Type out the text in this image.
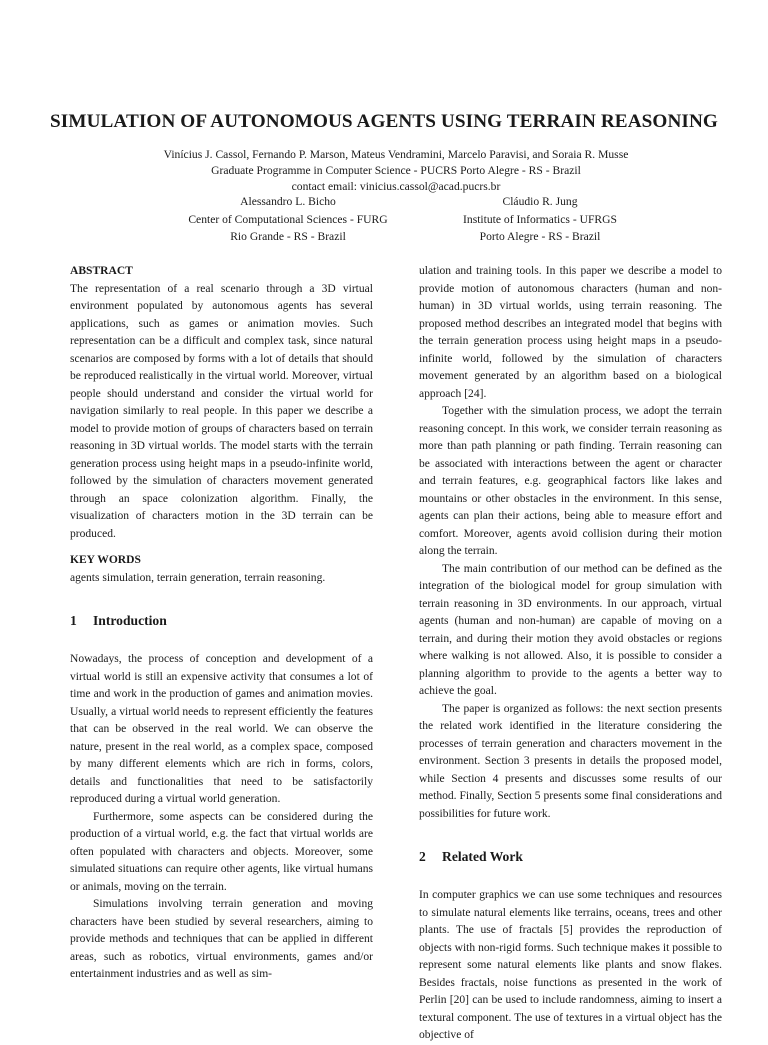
SIMULATION OF AUTONOMOUS AGENTS USING TERRAIN REASONING
Vinícius J. Cassol, Fernando P. Marson, Mateus Vendramini, Marcelo Paravisi, and Soraia R. Musse
Graduate Programme in Computer Science - PUCRS Porto Alegre - RS - Brazil
contact email: vinicius.cassol@acad.pucrs.br
Alessandro L. Bicho
Center of Computational Sciences - FURG
Rio Grande - RS - Brazil
Cláudio R. Jung
Institute of Informatics - UFRGS
Porto Alegre - RS - Brazil
ABSTRACT

The representation of a real scenario through a 3D virtual environment populated by autonomous agents has several applications, such as games or animation movies. Such representation can be a difficult and complex task, since natural scenarios are composed by forms with a lot of details that should be reproduced realistically in the virtual world. Moreover, virtual people should understand and consider the virtual world for navigation similarly to real people. In this paper we describe a model to provide motion of groups of characters based on terrain reasoning in 3D virtual worlds. The model starts with the terrain generation process using height maps in a pseudo-infinite world, followed by the simulation of characters movement generated through an space colonization algorithm. Finally, the visualization of characters motion in the 3D terrain can be produced.

KEY WORDS

agents simulation, terrain generation, terrain reasoning.

1 Introduction

Nowadays, the process of conception and development of a virtual world is still an expensive activity that consumes a lot of time and work in the production of games and animation movies. Usually, a virtual world needs to represent efficiently the features that can be observed in the real world. We can observe the nature, present in the real world, as a complex space, composed by many different elements which are rich in forms, colors, details and functionalities that need to be satisfactorily reproduced during a virtual world generation.

Furthermore, some aspects can be considered during the production of a virtual world, e.g. the fact that virtual worlds are often populated with characters and objects. Moreover, some simulated situations can require other agents, like virtual humans or animals, moving on the terrain.

Simulations involving terrain generation and moving characters have been studied by several researchers, aiming to provide methods and techniques that can be applied in different areas, such as robotics, virtual environments, games and/or entertainment industries and as well as sim-

ulation and training tools. In this paper we describe a model to provide motion of autonomous characters (human and non-human) in 3D virtual worlds, using terrain reasoning. The proposed method describes an integrated model that begins with the terrain generation process using height maps in a pseudo-infinite world, followed by the simulation of characters movement generated by an algorithm based on a biological approach [24].

Together with the simulation process, we adopt the terrain reasoning concept. In this work, we consider terrain reasoning as more than path planning or path finding. Terrain reasoning can be associated with interactions between the agent or character and terrain features, e.g. geographical factors like lakes and mountains or other obstacles in the environment. In this sense, agents can plan their actions, being able to measure effort and comfort. Moreover, agents avoid collision during their motion along the terrain.

The main contribution of our method can be defined as the integration of the biological model for group simulation with terrain reasoning in 3D environments. In our approach, virtual agents (human and non-human) are capable of moving on a terrain, and during their motion they avoid obstacles or regions where walking is not allowed. Also, it is possible to consider a planning algorithm to provide to the agents a better way to achieve the goal.

The paper is organized as follows: the next section presents the related work identified in the literature considering the processes of terrain generation and characters movement in the environment. Section 3 presents in details the proposed model, while Section 4 presents and discusses some results of our method. Finally, Section 5 presents some final considerations and possibilities for future work.

2 Related Work

In computer graphics we can use some techniques and resources to simulate natural elements like terrains, oceans, trees and other plants. The use of fractals [5] provides the reproduction of objects with non-rigid forms. Such technique makes it possible to represent some natural elements like plants and snow flakes. Besides fractals, noise functions as presented in the work of Perlin [20] can be used to include randomness, aiming to insert a textural component. The use of textures in a virtual object has the objective of
